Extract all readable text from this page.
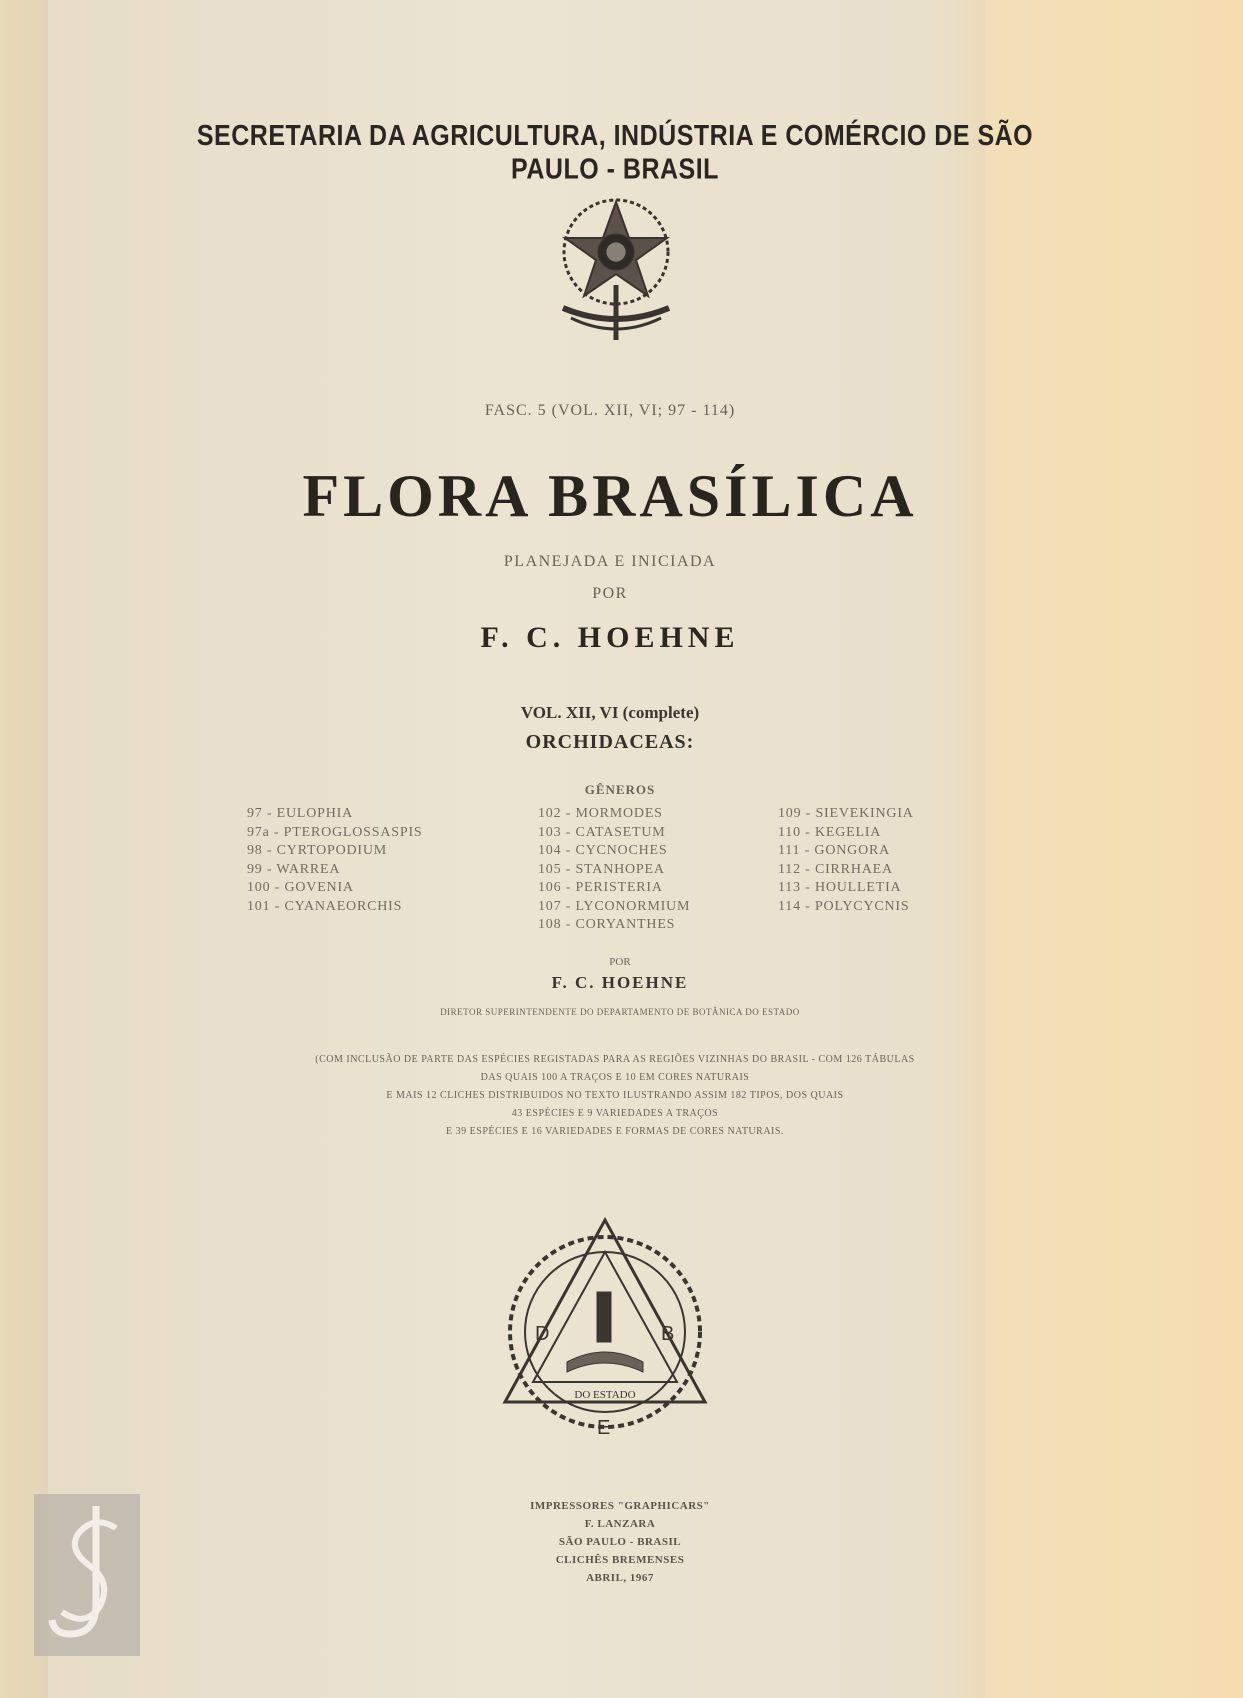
SECRETARIA DA AGRICULTURA, INDÚSTRIA E COMÉRCIO DE SÃO PAULO - BRASIL
FASC. 5 (VOL. XII, VI; 97 - 114)
FLORA BRASÍLICA
PLANEJADA E INICIADA
POR
F. C. HOEHNE
VOL. XII, VI (complete)
ORCHIDACEAS:
GÊNEROS
97 - EULOPHIA
97a - PTEROGLOSSASPIS
98 - CYRTOPODIUM
99 - WARREA
100 - GOVENIA
101 - CYANAEORCHIS
102 - MORMODES
103 - CATASETUM
104 - CYCNOCHES
105 - STANHOPEA
106 - PERISTERIA
107 - LYCONORMIUM
108 - CORYANTHES
109 - SIEVEKINGIA
110 - KEGELIA
111 - GONGORA
112 - CIRRHAEA
113 - HOULLETIA
114 - POLYCYCNIS
POR
F. C. HOEHNE
DIRETOR SUPERINTENDENTE DO DEPARTAMENTO DE BOTÂNICA DO ESTADO
(COM INCLUSÃO DE PARTE DAS ESPÉCIES REGISTADAS PARA AS REGIÕES VIZINHAS DO BRASIL - COM 126 TÁBULAS
DAS QUAIS 100 A TRAÇOS E 10 EM CORES NATURAIS
E MAIS 12 CLICHES DISTRIBUIDOS NO TEXTO ILUSTRANDO ASSIM 182 TIPOS, DOS QUAIS
43 ESPÉCIES E 9 VARIEDADES A TRAÇOS
E 39 ESPÉCIES E 16 VARIEDADES E FORMAS DE CORES NATURAIS.
D	B
E
DO ESTADO
IMPRESSORES "GRAPHICARS"
F. LANZARA
SÃO PAULO - BRASIL
CLICHÊS BREMENSES
ABRIL, 1967
